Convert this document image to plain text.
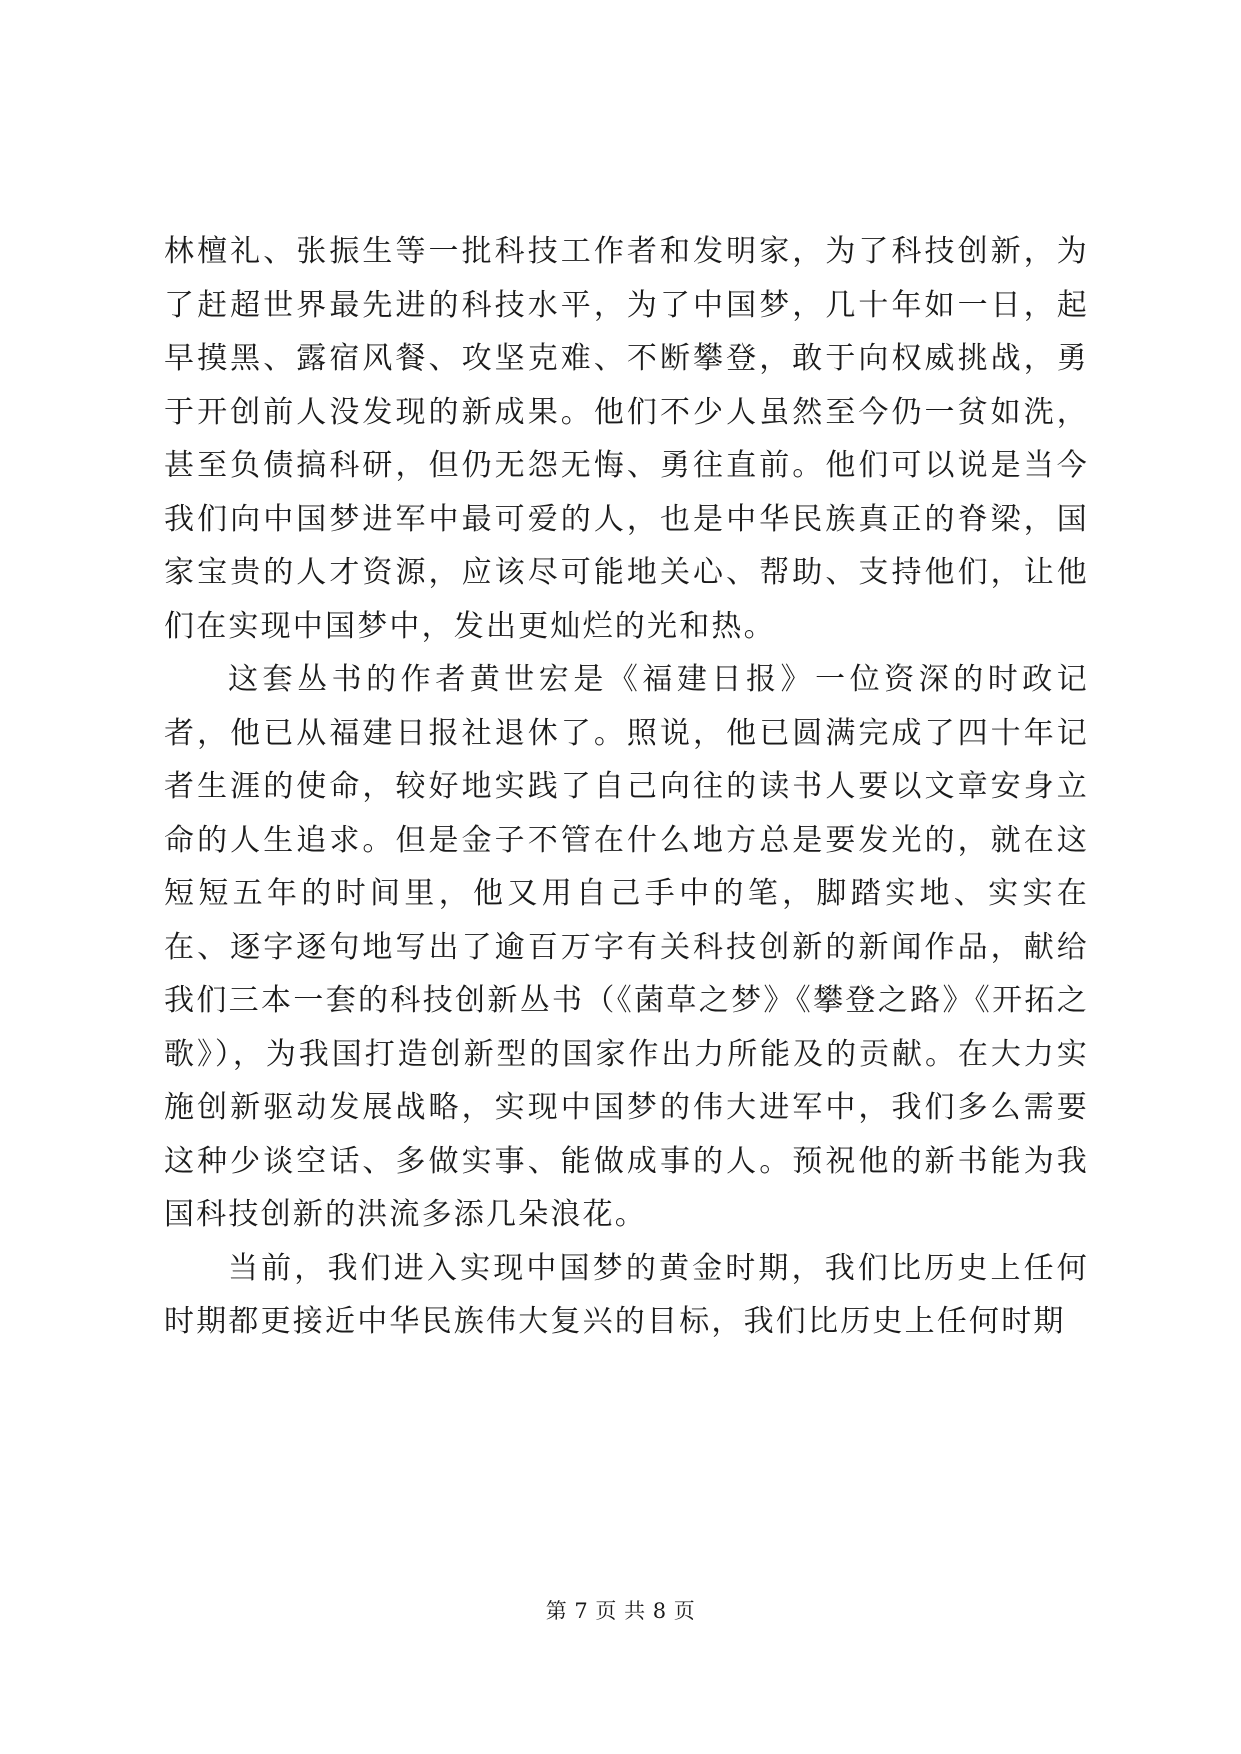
林檀礼、张振生等一批科技工作者和发明家，为了科技创新，为了赶超世界最先进的科技水平，为了中国梦，几十年如一日，起早摸黑、露宿风餐、攻坚克难、不断攀登，敢于向权威挑战，勇于开创前人没发现的新成果。他们不少人虽然至今仍一贫如洗，甚至负债搞科研，但仍无怨无悔、勇往直前。他们可以说是当今我们向中国梦进军中最可爱的人，也是中华民族真正的脊梁，国家宝贵的人才资源，应该尽可能地关心、帮助、支持他们，让他们在实现中国梦中，发出更灿烂的光和热。

这套丛书的作者黄世宏是《福建日报》一位资深的时政记者，他已从福建日报社退休了。照说，他已圆满完成了四十年记者生涯的使命，较好地实践了自己向往的读书人要以文章安身立命的人生追求。但是金子不管在什么地方总是要发光的，就在这短短五年的时间里，他又用自己手中的笔，脚踏实地、实实在在、逐字逐句地写出了逾百万字有关科技创新的新闻作品，献给我们三本一套的科技创新丛书（《菌草之梦》《攀登之路》《开拓之歌》），为我国打造创新型的国家作出力所能及的贡献。在大力实施创新驱动发展战略，实现中国梦的伟大进军中，我们多么需要这种少谈空话、多做实事、能做成事的人。预祝他的新书能为我国科技创新的洪流多添几朵浪花。

当前，我们进入实现中国梦的黄金时期，我们比历史上任何时期都更接近中华民族伟大复兴的目标，我们比历史上任何时期

第 7 页 共 8 页
